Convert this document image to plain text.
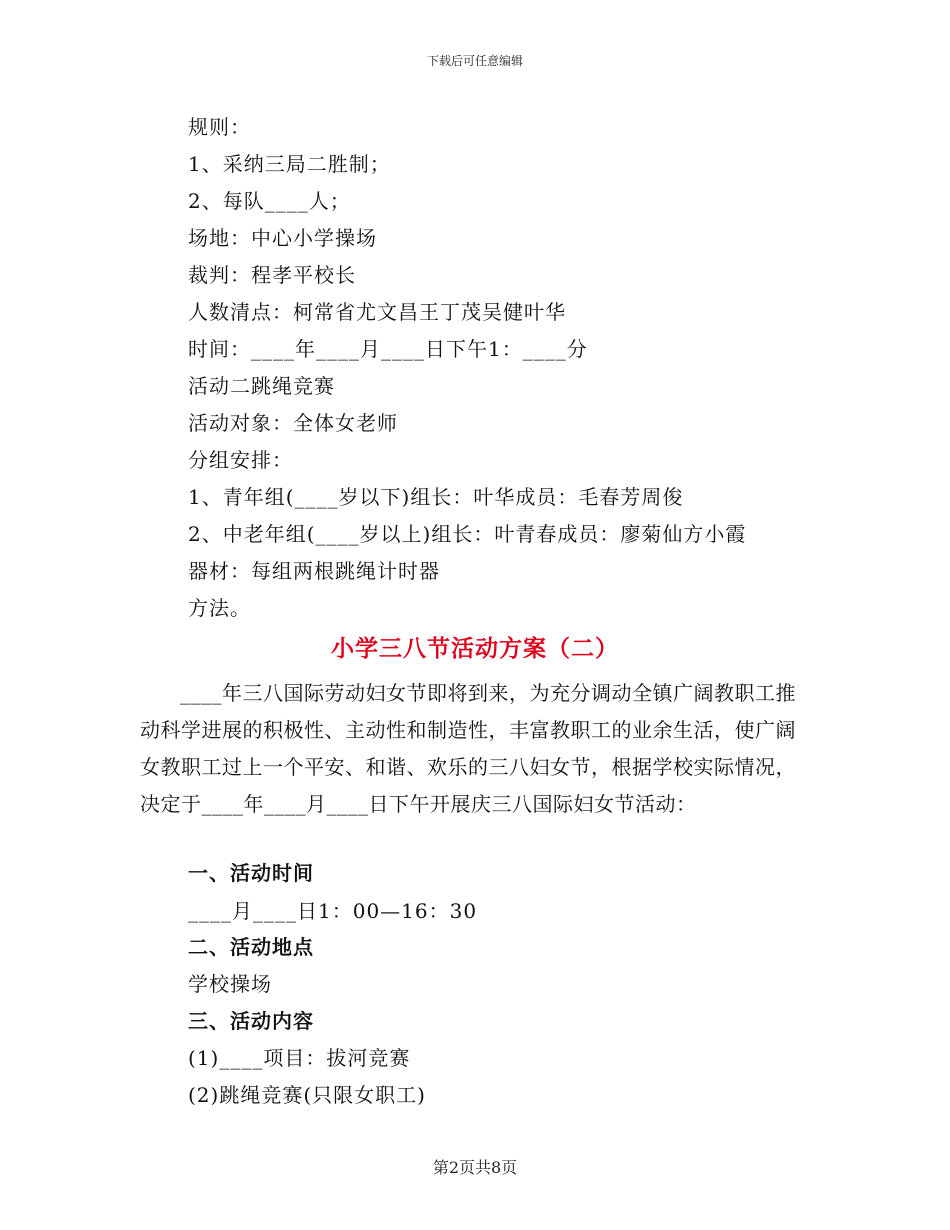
下载后可任意编辑
规则：
1、采纳三局二胜制；
2、每队____人；
场地：中心小学操场
裁判：程孝平校长
人数清点：柯常省尤文昌王丁茂吴健叶华
时间：____年____月____日下午1：____分
活动二跳绳竞赛
活动对象：全体女老师
分组安排：
1、青年组(____岁以下)组长：叶华成员：毛春芳周俊
2、中老年组(____岁以上)组长：叶青春成员：廖菊仙方小霞
器材：每组两根跳绳计时器
方法。
小学三八节活动方案（二）
____年三八国际劳动妇女节即将到来，为充分调动全镇广阔教职工推动科学进展的积极性、主动性和制造性，丰富教职工的业余生活，使广阔女教职工过上一个平安、和谐、欢乐的三八妇女节，根据学校实际情况，决定于____年____月____日下午开展庆三八国际妇女节活动：
一、活动时间
____月____日1：00—16：30
二、活动地点
学校操场
三、活动内容
(1)____项目：拔河竞赛
(2)跳绳竞赛(只限女职工)
第2页共8页
